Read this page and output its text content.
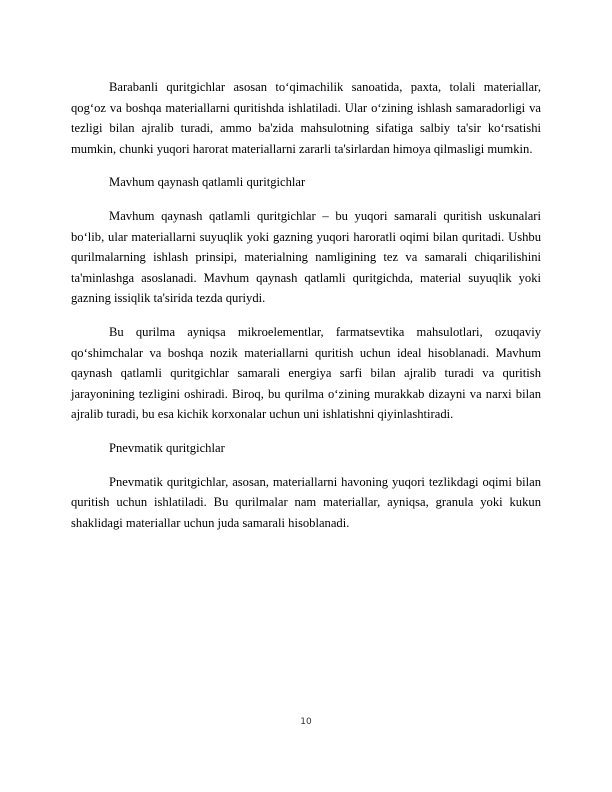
Barabanli quritgichlar asosan to‘qimachilik sanoatida, paxta, tolali materiallar, qog‘oz va boshqa materiallarni quritishda ishlatiladi. Ular o‘zining ishlash samaradorligi va tezligi bilan ajralib turadi, ammo ba'zida mahsulotning sifatiga salbiy ta'sir ko‘rsatishi mumkin, chunki yuqori harorat materiallarni zararli ta'sirlardan himoya qilmasligi mumkin.

Mavhum qaynash qatlamli quritgichlar

Mavhum qaynash qatlamli quritgichlar – bu yuqori samarali quritish uskunalari bo‘lib, ular materiallarni suyuqlik yoki gazning yuqori haroratli oqimi bilan quritadi. Ushbu qurilmalarning ishlash prinsipi, materialning namligining tez va samarali chiqarilishini ta'minlashga asoslanadi. Mavhum qaynash qatlamli quritgichda, material suyuqlik yoki gazning issiqlik ta'sirida tezda quriydi.

Bu qurilma ayniqsa mikroelementlar, farmatsevtika mahsulotlari, ozuqaviy qo‘shimchalar va boshqa nozik materiallarni quritish uchun ideal hisoblanadi. Mavhum qaynash qatlamli quritgichlar samarali energiya sarfi bilan ajralib turadi va quritish jarayonining tezligini oshiradi. Biroq, bu qurilma o‘zining murakkab dizayni va narxi bilan ajralib turadi, bu esa kichik korxonalar uchun uni ishlatishni qiyinlashtiradi.

Pnevmatik quritgichlar

Pnevmatik quritgichlar, asosan, materiallarni havoning yuqori tezlikdagi oqimi bilan quritish uchun ishlatiladi. Bu qurilmalar nam materiallar, ayniqsa, granula yoki kukun shaklidagi materiallar uchun juda samarali hisoblanadi.

10
